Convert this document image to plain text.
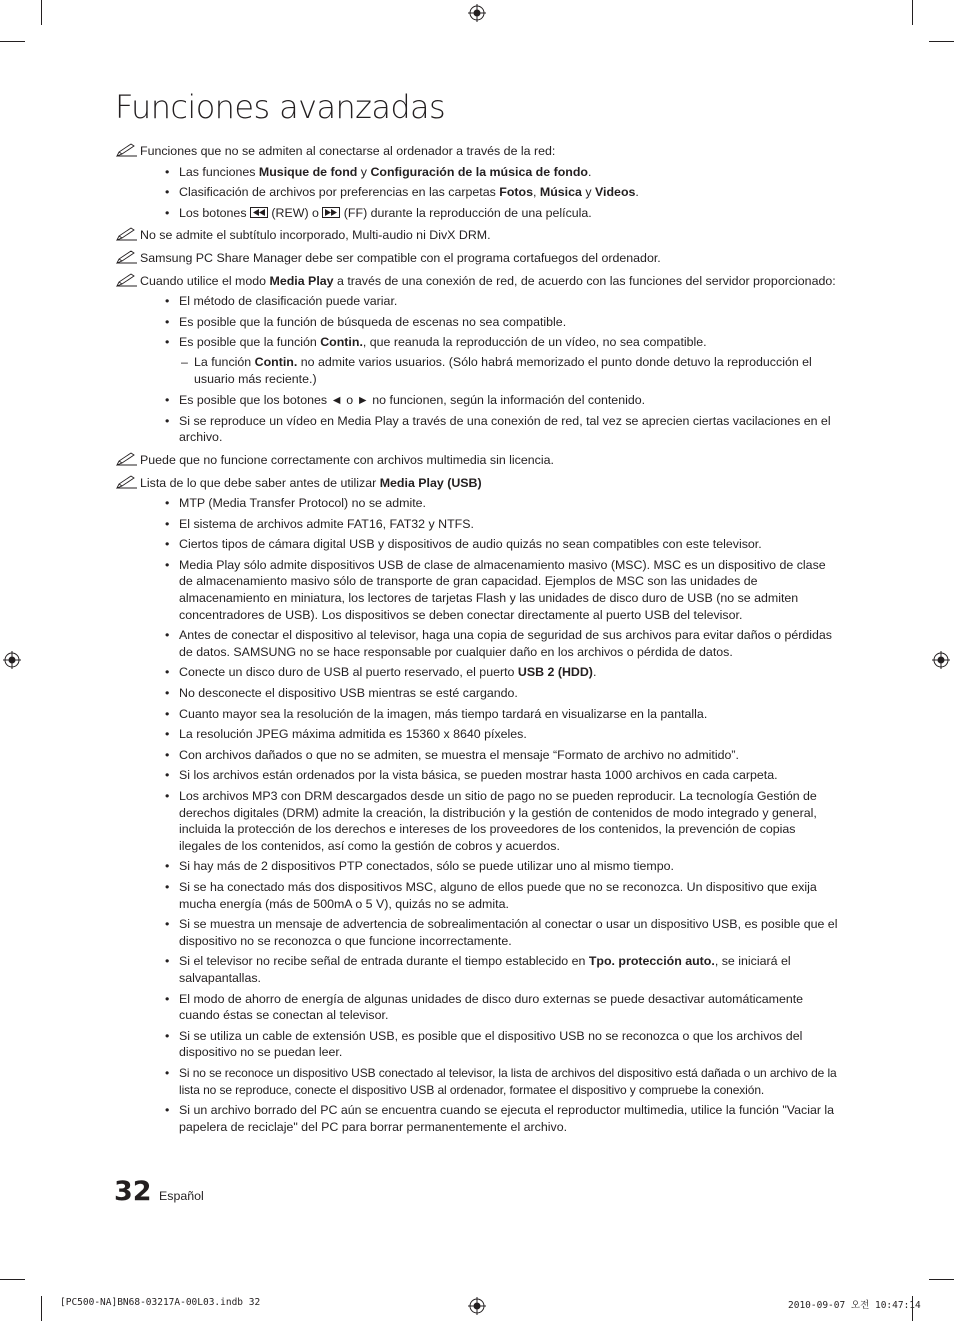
Funciones avanzadas
Funciones que no se admiten al conectarse al ordenador a través de la red:
• Las funciones Musique de fond y Configuración de la música de fondo.
• Clasificación de archivos por preferencias en las carpetas Fotos, Música y Videos.
• Los botones
(REW) o
(FF) durante la reproducción de una película.
No se admite el subtítulo incorporado, Multi-audio ni DivX DRM.
Samsung PC Share Manager debe ser compatible con el programa cortafuegos del ordenador.
Cuando utilice el modo Media Play a través de una conexión de red, de acuerdo con las funciones del servidor proporcionado:
• El método de clasificación puede variar.
• Es posible que la función de búsqueda de escenas no sea compatible.
• Es posible que la función Contin., que reanuda la reproducción de un vídeo, no sea compatible.
– La función Contin. no admite varios usuarios. (Sólo habrá memorizado el punto donde detuvo la reproducción el usuario más reciente.)
• Es posible que los botones ◄ o ► no funcionen, según la información del contenido.
• Si se reproduce un vídeo en Media Play a través de una conexión de red, tal vez se aprecien ciertas vacilaciones en el archivo.
Puede que no funcione correctamente con archivos multimedia sin licencia.
Lista de lo que debe saber antes de utilizar Media Play (USB)
• MTP (Media Transfer Protocol) no se admite.
• El sistema de archivos admite FAT16, FAT32 y NTFS.
• Ciertos tipos de cámara digital USB y dispositivos de audio quizás no sean compatibles con este televisor.
• Media Play sólo admite dispositivos USB de clase de almacenamiento masivo (MSC). MSC es un dispositivo de clase de almacenamiento masivo sólo de transporte de gran capacidad. Ejemplos de MSC son las unidades de almacenamiento en miniatura, los lectores de tarjetas Flash y las unidades de disco duro de USB (no se admiten concentradores de USB). Los dispositivos se deben conectar directamente al puerto USB del televisor.
• Antes de conectar el dispositivo al televisor, haga una copia de seguridad de sus archivos para evitar daños o pérdidas de datos. SAMSUNG no se hace responsable por cualquier daño en los archivos o pérdida de datos.
• Conecte un disco duro de USB al puerto reservado, el puerto USB 2 (HDD).
• No desconecte el dispositivo USB mientras se esté cargando.
• Cuanto mayor sea la resolución de la imagen, más tiempo tardará en visualizarse en la pantalla.
• La resolución JPEG máxima admitida es 15360 x 8640 píxeles.
• Con archivos dañados o que no se admiten, se muestra el mensaje “Formato de archivo no admitido”.
• Si los archivos están ordenados por la vista básica, se pueden mostrar hasta 1000 archivos en cada carpeta.
• Los archivos MP3 con DRM descargados desde un sitio de pago no se pueden reproducir. La tecnología Gestión de derechos digitales (DRM) admite la creación, la distribución y la gestión de contenidos de modo integrado y general, incluida la protección de los derechos e intereses de los proveedores de los contenidos, la prevención de copias ilegales de los contenidos, así como la gestión de cobros y acuerdos.
• Si hay más de 2 dispositivos PTP conectados, sólo se puede utilizar uno al mismo tiempo.
• Si se ha conectado más dos dispositivos MSC, alguno de ellos puede que no se reconozca. Un dispositivo que exija mucha energía (más de 500mA o 5 V), quizás no se admita.
• Si se muestra un mensaje de advertencia de sobrealimentación al conectar o usar un dispositivo USB, es posible que el dispositivo no se reconozca o que funcione incorrectamente.
• Si el televisor no recibe señal de entrada durante el tiempo establecido en Tpo. protección auto., se iniciará el salvapantallas.
• El modo de ahorro de energía de algunas unidades de disco duro externas se puede desactivar automáticamente cuando éstas se conectan al televisor.
• Si se utiliza un cable de extensión USB, es posible que el dispositivo USB no se reconozca o que los archivos del dispositivo no se puedan leer.
• Si no se reconoce un dispositivo USB conectado al televisor, la lista de archivos del dispositivo está dañada o un archivo de la lista no se reproduce, conecte el dispositivo USB al ordenador, formatee el dispositivo y compruebe la conexión.
• Si un archivo borrado del PC aún se encuentra cuando se ejecuta el reproductor multimedia, utilice la función "Vaciar la papelera de reciclaje" del PC para borrar permanentemente el archivo.
32 Español
[PC500-NA]BN68-03217A-00L03.indb 32	2010-09-07 오전 10:47:14
